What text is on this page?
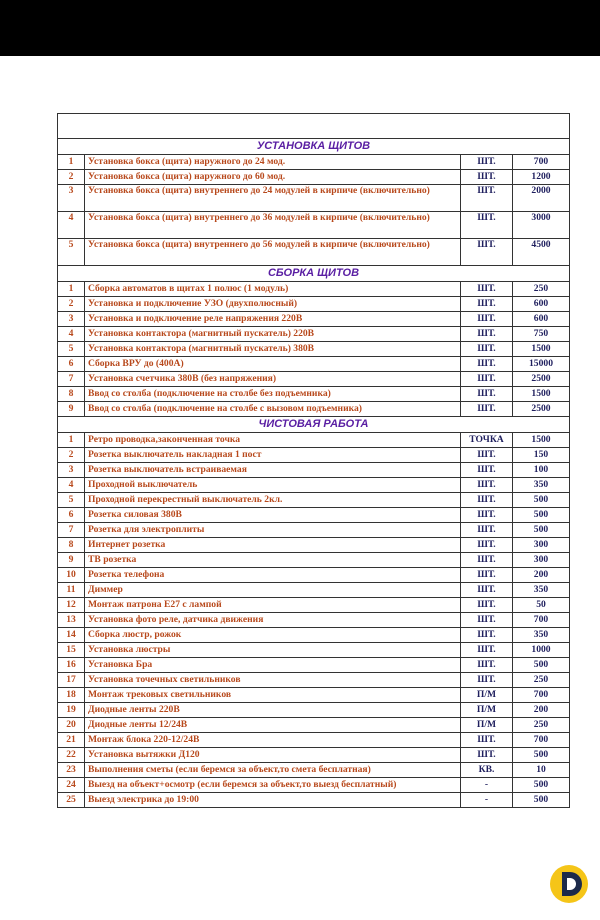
УСТАНОВКА ЩИТОВ			
1	Установка бокса (щита) наружного до 24 мод.	ШТ.	700
2	Установка бокса (щита) наружного до 60 мод.	ШТ.	1200
3	Установка бокса (щита) внутреннего до 24 модулей в кирпиче (включительно)	ШТ.	2000
4	Установка бокса (щита) внутреннего до 36 модулей в кирпиче (включительно)	ШТ.	3000
5	Установка бокса (щита) внутреннего до 56 модулей в кирпиче (включительно)	ШТ.	4500
СБОРКА ЩИТОВ			
1	Сборка автоматов в щитах 1 полюс (1 модуль)	ШТ.	250
2	Установка и подключение УЗО (двухполюсный)	ШТ.	600
3	Установка и подключение реле напряжения 220В	ШТ.	600
4	Установка контактора (магнитный пускатель) 220В	ШТ.	750
5	Установка контактора (магнитный пускатель) 380В	ШТ.	1500
6	Сборка ВРУ до (400А)	ШТ.	15000
7	Установка счетчика 380В (без напряжения)	ШТ.	2500
8	Ввод со столба (подключение на столбе без подъемника)	ШТ.	1500
9	Ввод со столба (подключение на столбе с вызовом подъемника)	ШТ.	2500
ЧИСТОВАЯ РАБОТА			
1	Ретро проводка,законченная точка	ТОЧКА	1500
2	Розетка выключатель накладная 1 пост	ШТ.	150
3	Розетка выключатель встраиваемая	ШТ.	100
4	Проходной выключатель	ШТ.	350
5	Проходной перекрестный выключатель 2кл.	ШТ.	500
6	Розетка силовая 380В	ШТ.	500
7	Розетка для электроплиты	ШТ.	500
8	Интернет розетка	ШТ.	300
9	ТВ розетка	ШТ.	300
10	Розетка телефона	ШТ.	200
11	Диммер	ШТ.	350
12	Монтаж патрона Е27 с лампой	ШТ.	50
13	Установка фото реле, датчика движения	ШТ.	700
14	Сборка люстр, рожок	ШТ.	350
15	Установка люстры	ШТ.	1000
16	Установка Бра	ШТ.	500
17	Установка точечных светильников	ШТ.	250
18	Монтаж трековых светильников	П/М	700
19	Диодные ленты 220В	П/М	200
20	Диодные ленты 12/24В	П/М	250
21	Монтаж блока 220-12/24В	ШТ.	700
22	Установка вытяжки Д120	ШТ.	500
23	Выполнения сметы (если беремся за объект,то смета бесплатная)	КВ.	10
24	Выезд на объект+осмотр (если беремся за объект,то выезд бесплатный)	-	500
25	Выезд электрика до 19:00	-	500
